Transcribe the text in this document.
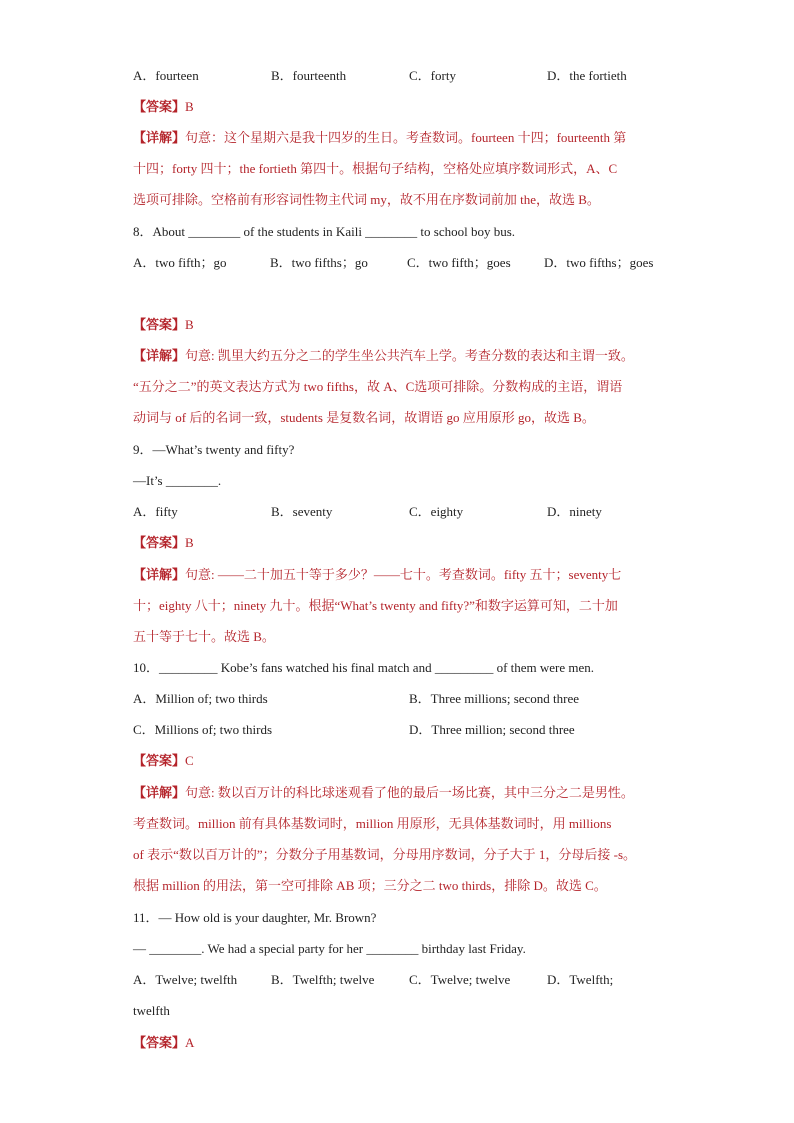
A．fourteen	B．fourteenth	C．forty	D．the fortieth
【答案】B
【详解】句意：这个星期六是我十四岁的生日。考查数词。fourteen 十四；fourteenth 第
十四；forty 四十；the fortieth 第四十。根据句子结构，空格处应填序数词形式，A、C
选项可排除。空格前有形容词性物主代词 my，故不用在序数词前加 the，故选 B。
8．About ________ of the students in Kaili ________ to school boy bus.
A．two fifth；go	B．two fifths；go	C．two fifth；goes	D．two fifths；goes
【答案】B
【详解】句意: 凯里大约五分之二的学生坐公共汽车上学。考查分数的表达和主谓一致。
“五分之二”的英文表达方式为 two fifths，故 A、C选项可排除。分数构成的主语，谓语
动词与 of 后的名词一致，students 是复数名词，故谓语 go 应用原形 go，故选 B。
9．—What’s twenty and fifty?
—It’s ________.
A．fifty	B．seventy	C．eighty	D．ninety
【答案】B
【详解】句意: ——二十加五十等于多少？——七十。考查数词。fifty 五十；seventy七
十；eighty 八十；ninety 九十。根据“What’s twenty and fifty?”和数字运算可知，二十加
五十等于七十。故选 B。
10．_________ Kobe’s fans watched his final match and _________ of them were men.
A．Million of; two thirds	B．Three millions; second three
C．Millions of; two thirds	D．Three million; second three
【答案】C
【详解】句意: 数以百万计的科比球迷观看了他的最后一场比赛，其中三分之二是男性。
考查数词。million 前有具体基数词时，million 用原形，无具体基数词时，用 millions
of 表示“数以百万计的”；分数分子用基数词，分母用序数词，分子大于 1，分母后接 -s。
根据 million 的用法，第一空可排除 AB 项；三分之二 two thirds，排除 D。故选 C。
11．— How old is your daughter, Mr. Brown?
— ________. We had a special party for her ________ birthday last Friday.
A．Twelve; twelfth	B．Twelfth; twelve	C．Twelve; twelve	D．Twelfth;
twelfth
【答案】A
